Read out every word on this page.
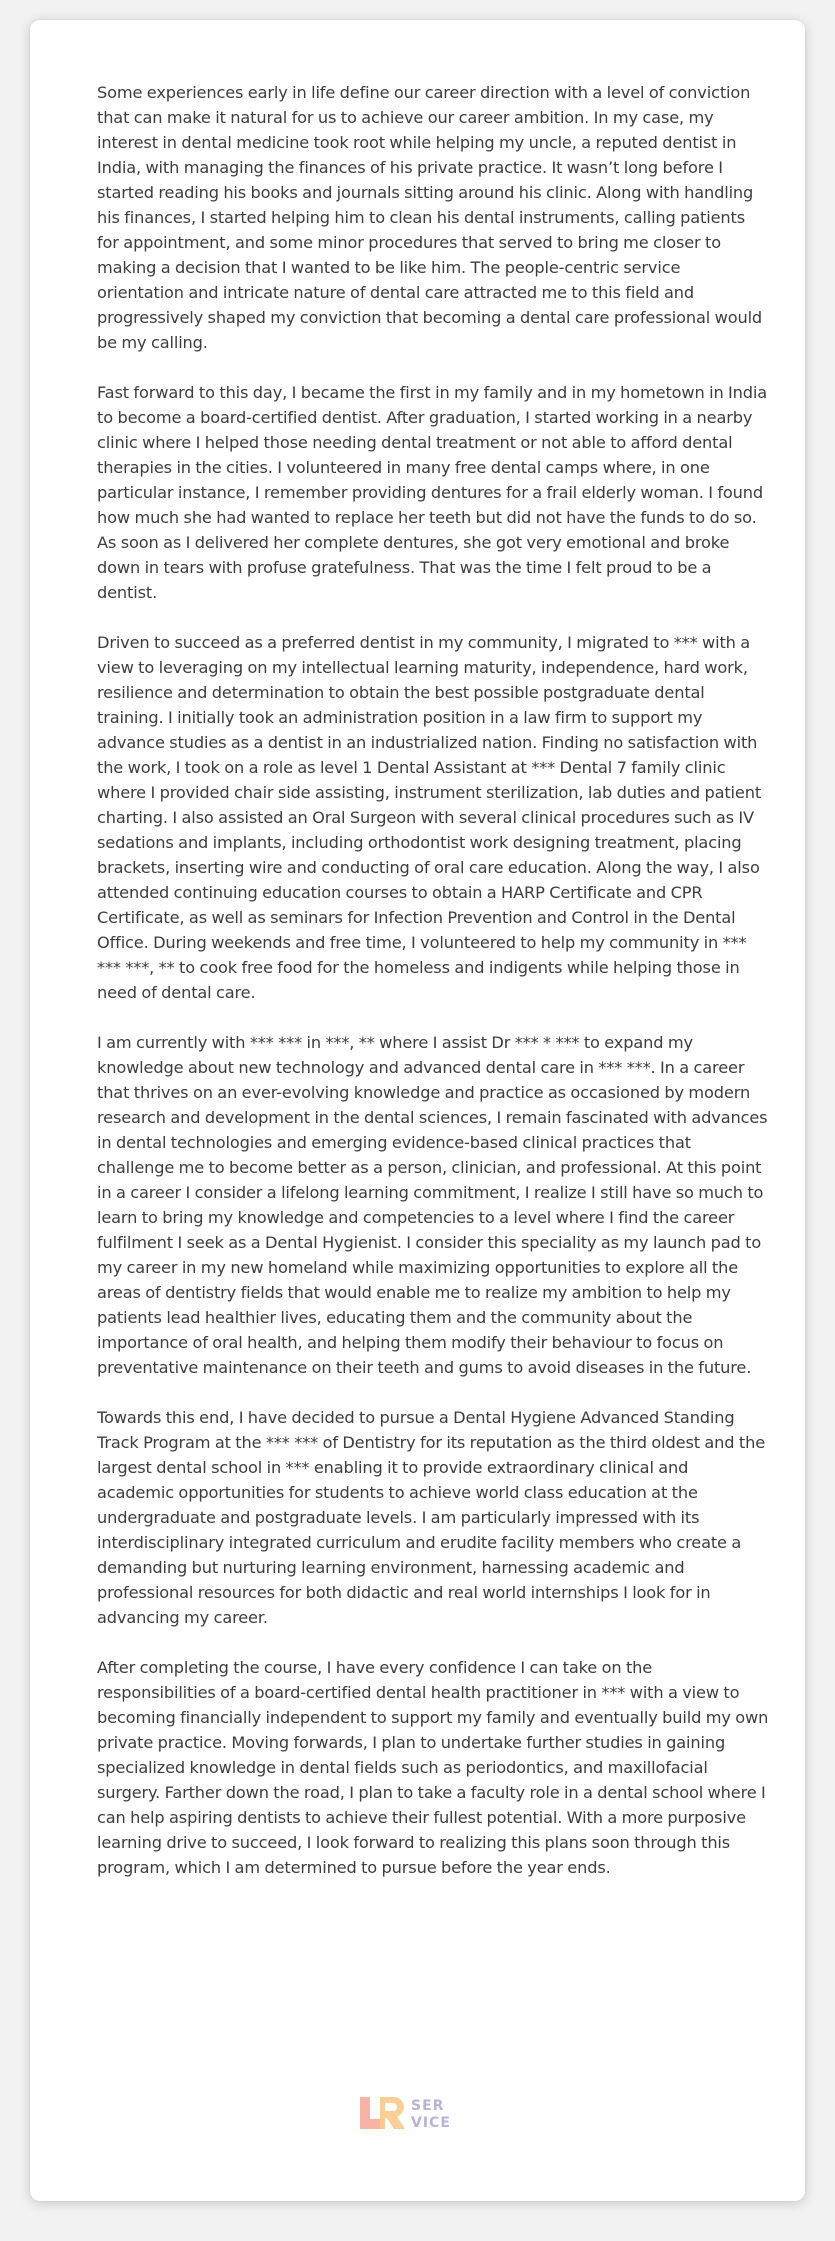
Some experiences early in life define our career direction with a level of conviction that can make it natural for us to achieve our career ambition. In my case, my interest in dental medicine took root while helping my uncle, a reputed dentist in India, with managing the finances of his private practice. It wasn’t long before I started reading his books and journals sitting around his clinic. Along with handling his finances, I started helping him to clean his dental instruments, calling patients for appointment, and some minor procedures that served to bring me closer to making a decision that I wanted to be like him. The people-centric service orientation and intricate nature of dental care attracted me to this field and progressively shaped my conviction that becoming a dental care professional would be my calling.

Fast forward to this day, I became the first in my family and in my hometown in India to become a board-certified dentist. After graduation, I started working in a nearby clinic where I helped those needing dental treatment or not able to afford dental therapies in the cities. I volunteered in many free dental camps where, in one particular instance, I remember providing dentures for a frail elderly woman. I found how much she had wanted to replace her teeth but did not have the funds to do so. As soon as I delivered her complete dentures, she got very emotional and broke down in tears with profuse gratefulness. That was the time I felt proud to be a dentist.

Driven to succeed as a preferred dentist in my community, I migrated to *** with a view to leveraging on my intellectual learning maturity, independence, hard work, resilience and determination to obtain the best possible postgraduate dental training. I initially took an administration position in a law firm to support my advance studies as a dentist in an industrialized nation. Finding no satisfaction with the work, I took on a role as level 1 Dental Assistant at *** Dental 7 family clinic where I provided chair side assisting, instrument sterilization, lab duties and patient charting. I also assisted an Oral Surgeon with several clinical procedures such as IV sedations and implants, including orthodontist work designing treatment, placing brackets, inserting wire and conducting of oral care education. Along the way, I also attended continuing education courses to obtain a HARP Certificate and CPR Certificate, as well as seminars for Infection Prevention and Control in the Dental Office. During weekends and free time, I volunteered to help my community in *** *** ***, ** to cook free food for the homeless and indigents while helping those in need of dental care.

I am currently with *** *** in ***, ** where I assist Dr *** * *** to expand my knowledge about new technology and advanced dental care in *** ***. In a career that thrives on an ever-evolving knowledge and practice as occasioned by modern research and development in the dental sciences, I remain fascinated with advances in dental technologies and emerging evidence-based clinical practices that challenge me to become better as a person, clinician, and professional. At this point in a career I consider a lifelong learning commitment, I realize I still have so much to learn to bring my knowledge and competencies to a level where I find the career fulfilment I seek as a Dental Hygienist. I consider this speciality as my launch pad to my career in my new homeland while maximizing opportunities to explore all the areas of dentistry fields that would enable me to realize my ambition to help my patients lead healthier lives, educating them and the community about the importance of oral health, and helping them modify their behaviour to focus on preventative maintenance on their teeth and gums to avoid diseases in the future.

Towards this end, I have decided to pursue a Dental Hygiene Advanced Standing Track Program at the *** *** of Dentistry for its reputation as the third oldest and the largest dental school in *** enabling it to provide extraordinary clinical and academic opportunities for students to achieve world class education at the undergraduate and postgraduate levels. I am particularly impressed with its interdisciplinary integrated curriculum and erudite facility members who create a demanding but nurturing learning environment, harnessing academic and professional resources for both didactic and real world internships I look for in advancing my career.

After completing the course, I have every confidence I can take on the responsibilities of a board-certified dental health practitioner in *** with a view to becoming financially independent to support my family and eventually build my own private practice. Moving forwards, I plan to undertake further studies in gaining specialized knowledge in dental fields such as periodontics, and maxillofacial surgery. Farther down the road, I plan to take a faculty role in a dental school where I can help aspiring dentists to achieve their fullest potential. With a more purposive learning drive to succeed, I look forward to realizing this plans soon through this program, which I am determined to pursue before the year ends.

SER
VICE
